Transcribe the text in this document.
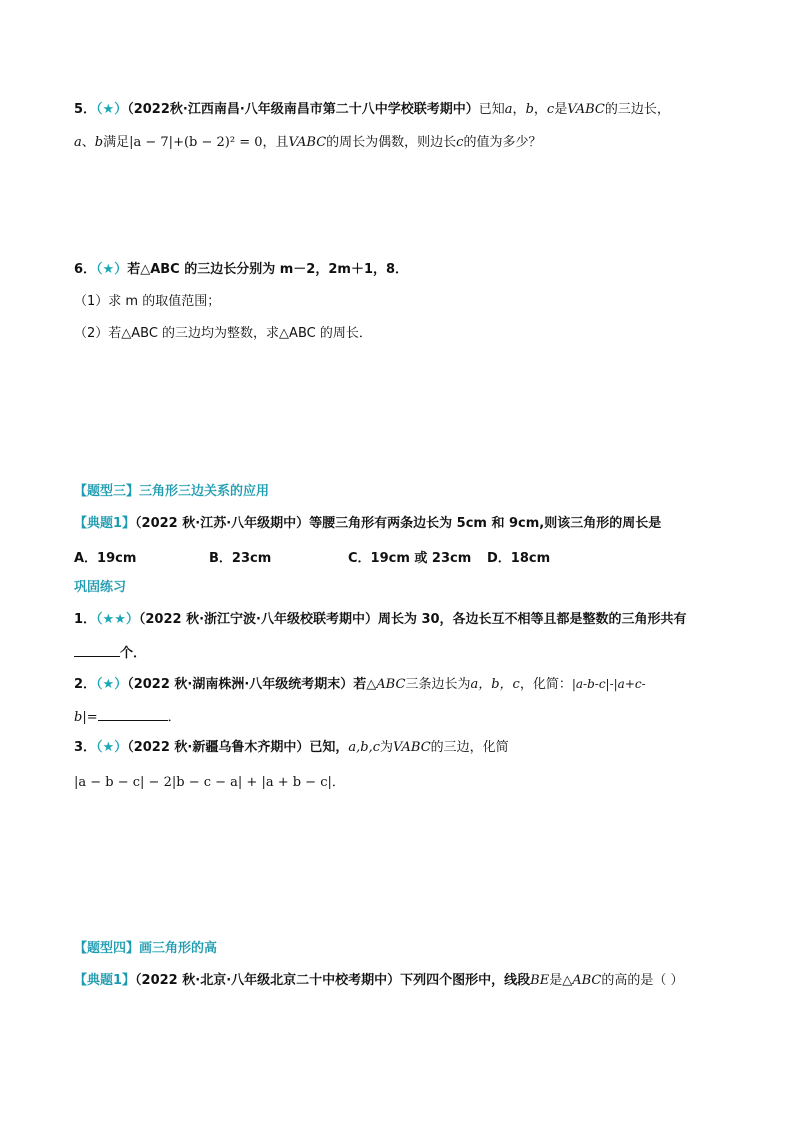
5．（★）（2022秋·江西南昌·八年级南昌市第二十八中学校联考期中）已知a，b，c是VABC的三边长，
a、b满足|a − 7|+(b − 2)² = 0，且VABC的周长为偶数，则边长c的值为多少？
6．（★）若△ABC 的三边长分别为 m－2，2m＋1，8．
（1）求 m 的取值范围；
（2）若△ABC 的三边均为整数，求△ABC 的周长．
【题型三】三角形三边关系的应用
【典题1】（2022 秋·江苏·八年级期中）等腰三角形有两条边长为 5cm 和 9cm,则该三角形的周长是
A．19cm	B．23cm	C．19cm 或 23cm D．18cm
巩固练习
1．（★★）（2022 秋·浙江宁波·八年级校联考期中）周长为 30，各边长互不相等且都是整数的三角形共有
个．
2．（★）（2022 秋·湖南株洲·八年级统考期末）若△ABC三条边长为a，b，c，化简：|a-b-c|-|a+c-
b|=	．
3．（★）（2022 秋·新疆乌鲁木齐期中）已知，a,b,c为VABC的三边，化简
|a − b − c| − 2|b − c − a| + |a + b − c|．
【题型四】画三角形的高
【典题1】（2022 秋·北京·八年级北京二十中校考期中）下列四个图形中，线段BE是△ABC的高的是（ ）
